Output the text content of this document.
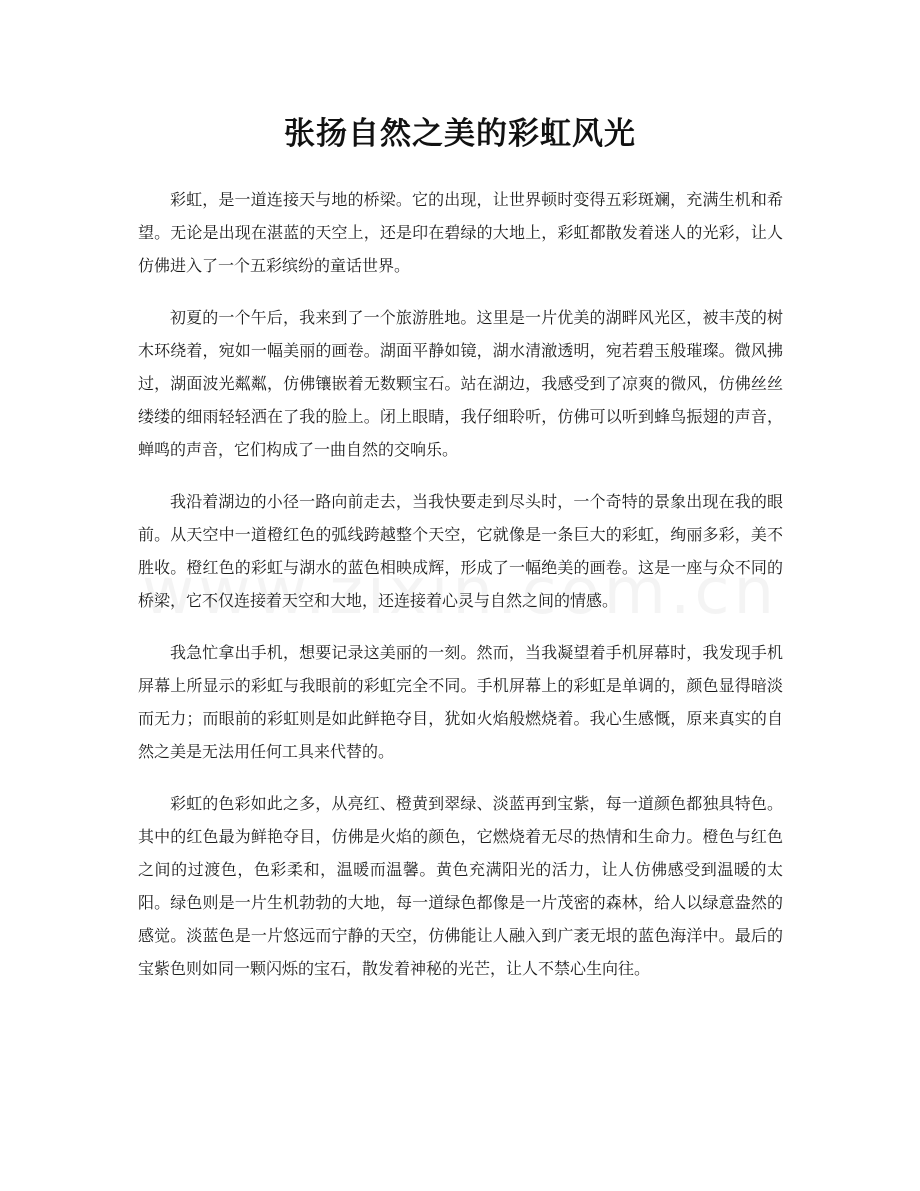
张扬自然之美的彩虹风光

彩虹，是一道连接天与地的桥梁。它的出现，让世界顿时变得五彩斑斓，充满生机和希望。无论是出现在湛蓝的天空上，还是印在碧绿的大地上，彩虹都散发着迷人的光彩，让人仿佛进入了一个五彩缤纷的童话世界。

初夏的一个午后，我来到了一个旅游胜地。这里是一片优美的湖畔风光区，被丰茂的树木环绕着，宛如一幅美丽的画卷。湖面平静如镜，湖水清澈透明，宛若碧玉般璀璨。微风拂过，湖面波光粼粼，仿佛镶嵌着无数颗宝石。站在湖边，我感受到了凉爽的微风，仿佛丝丝缕缕的细雨轻轻洒在了我的脸上。闭上眼睛，我仔细聆听，仿佛可以听到蜂鸟振翅的声音，蝉鸣的声音，它们构成了一曲自然的交响乐。

我沿着湖边的小径一路向前走去，当我快要走到尽头时，一个奇特的景象出现在我的眼前。从天空中一道橙红色的弧线跨越整个天空，它就像是一条巨大的彩虹，绚丽多彩，美不胜收。橙红色的彩虹与湖水的蓝色相映成辉，形成了一幅绝美的画卷。这是一座与众不同的桥梁，它不仅连接着天空和大地，还连接着心灵与自然之间的情感。

我急忙拿出手机，想要记录这美丽的一刻。然而，当我凝望着手机屏幕时，我发现手机屏幕上所显示的彩虹与我眼前的彩虹完全不同。手机屏幕上的彩虹是单调的，颜色显得暗淡而无力；而眼前的彩虹则是如此鲜艳夺目，犹如火焰般燃烧着。我心生感慨，原来真实的自然之美是无法用任何工具来代替的。

彩虹的色彩如此之多，从亮红、橙黄到翠绿、淡蓝再到宝紫，每一道颜色都独具特色。其中的红色最为鲜艳夺目，仿佛是火焰的颜色，它燃烧着无尽的热情和生命力。橙色与红色之间的过渡色，色彩柔和，温暖而温馨。黄色充满阳光的活力，让人仿佛感受到温暖的太阳。绿色则是一片生机勃勃的大地，每一道绿色都像是一片茂密的森林，给人以绿意盎然的感觉。淡蓝色是一片悠远而宁静的天空，仿佛能让人融入到广袤无垠的蓝色海洋中。最后的宝紫色则如同一颗闪烁的宝石，散发着神秘的光芒，让人不禁心生向往。
